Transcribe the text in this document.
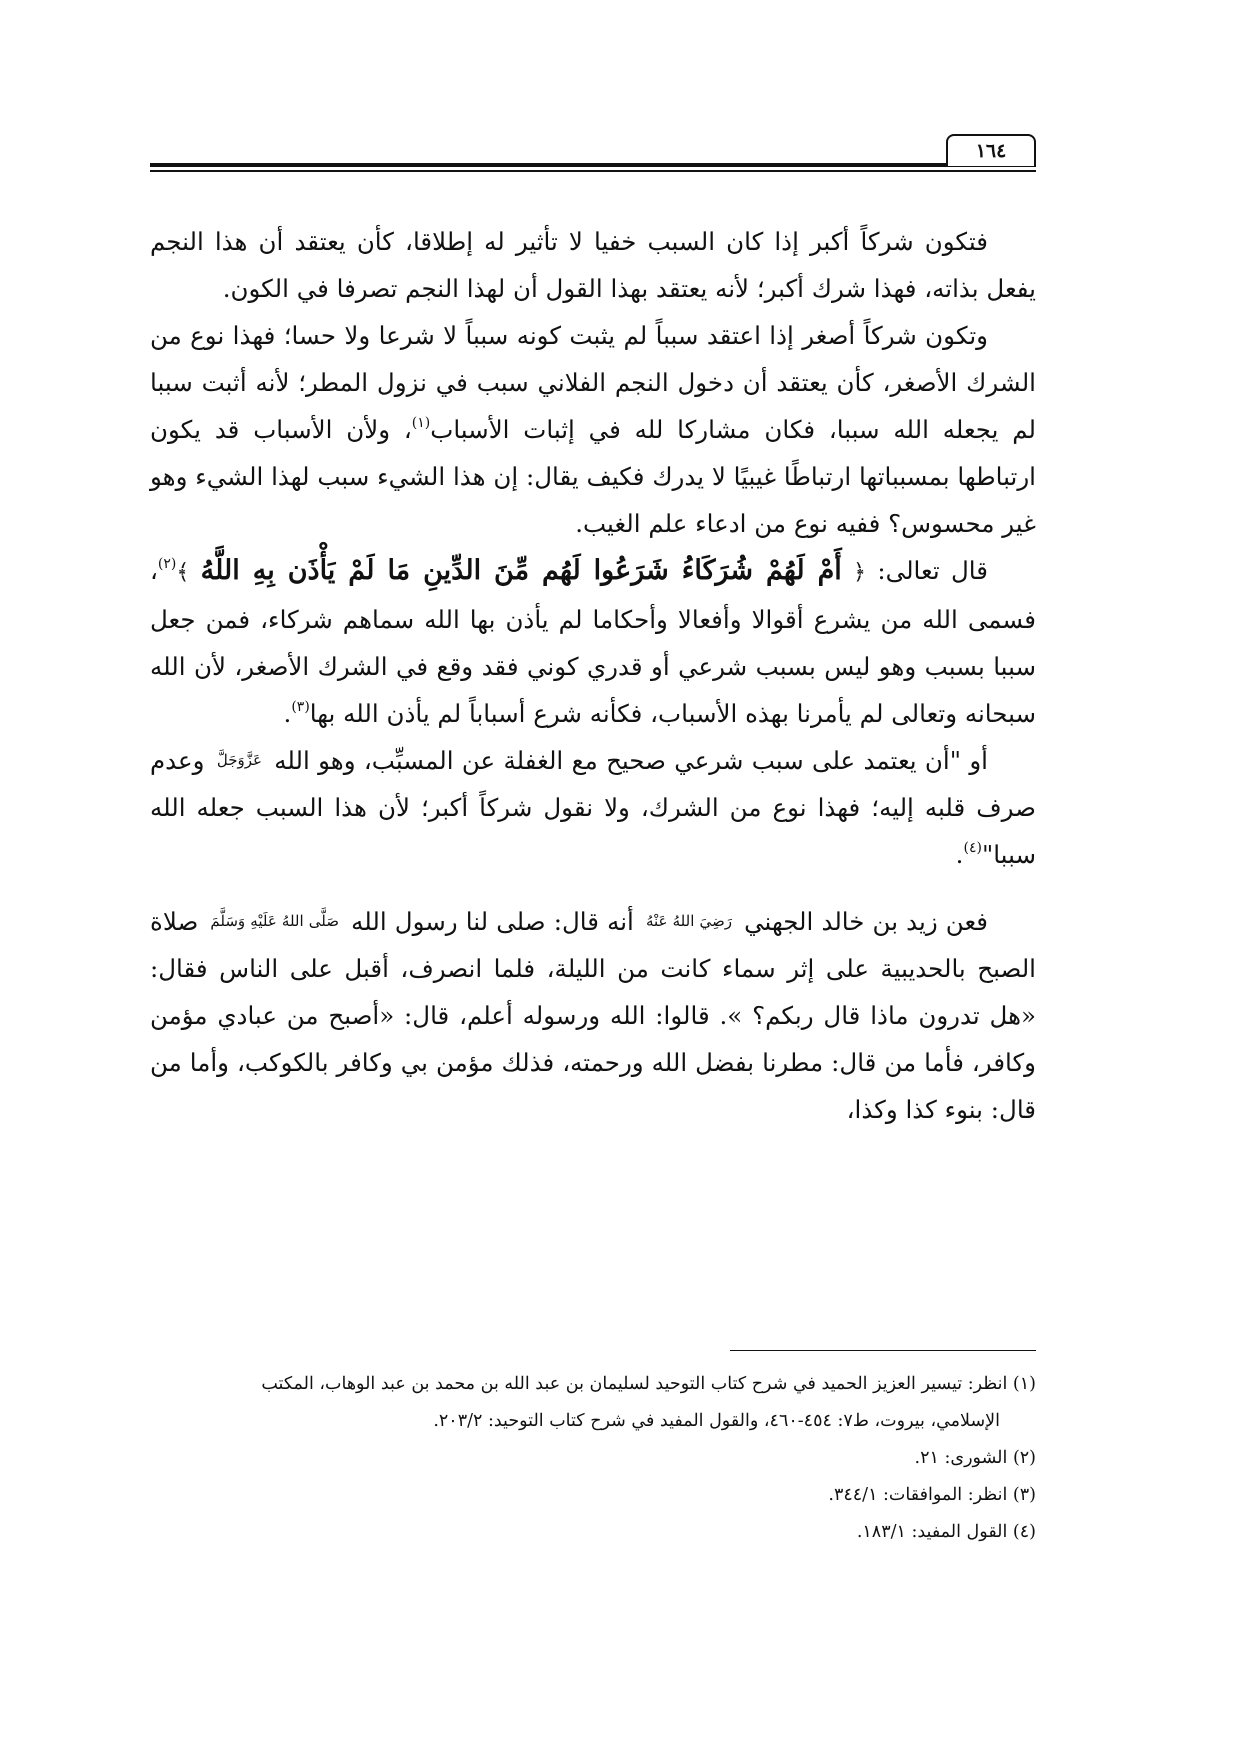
١٦٤

فتكون شركاً أكبر إذا كان السبب خفيا لا تأثير له إطلاقا، كأن يعتقد أن هذا النجم يفعل بذاته، فهذا شرك أكبر؛ لأنه يعتقد بهذا القول أن لهذا النجم تصرفا في الكون.

وتكون شركاً أصغر إذا اعتقد سبباً لم يثبت كونه سبباً لا شرعا ولا حسا؛ فهذا نوع من الشرك الأصغر، كأن يعتقد أن دخول النجم الفلاني سبب في نزول المطر؛ لأنه أثبت سببا لم يجعله الله سببا، فكان مشاركا لله في إثبات الأسباب$^{(١)}$، ولأن الأسباب قد يكون ارتباطها بمسبباتها ارتباطًا غيبيًا لا يدرك فكيف يقال: إن هذا الشيء سبب لهذا الشيء وهو غير محسوس؟ ففيه نوع من ادعاء علم الغيب.

قال تعالى: ﴿ أَمْ لَهُمْ شُرَكَاءُ شَرَعُوا لَهُم مِّنَ الدِّينِ مَا لَمْ يَأْذَن بِهِ اللَّهُ ﴾$^{(٢)}$، فسمى الله من يشرع أقوالا وأفعالا وأحكاما لم يأذن بها الله سماهم شركاء، فمن جعل سببا بسبب وهو ليس بسبب شرعي أو قدري كوني فقد وقع في الشرك الأصغر، لأن الله سبحانه وتعالى لم يأمرنا بهذه الأسباب، فكأنه شرع أسباباً لم يأذن الله بها$^{(٣)}$.

أو "أن يعتمد على سبب شرعي صحيح مع الغفلة عن المسبِّب، وهو الله عَزَّوَجَلَّ وعدم صرف قلبه إليه؛ فهذا نوع من الشرك، ولا نقول شركاً أكبر؛ لأن هذا السبب جعله الله سببا"$^{(٤)}$.

فعن زيد بن خالد الجهني رَضِيَ اللهُ عَنْهُ أنه قال: صلى لنا رسول الله صَلَّى اللهُ عَلَيْهِ وَسَلَّمَ صلاة الصبح بالحديبية على إثر سماء كانت من الليلة، فلما انصرف، أقبل على الناس فقال: «هل تدرون ماذا قال ربكم؟ ». قالوا: الله ورسوله أعلم، قال: «أصبح من عبادي مؤمن وكافر، فأما من قال: مطرنا بفضل الله ورحمته، فذلك مؤمن بي وكافر بالكوكب، وأما من قال: بنوء كذا وكذا،

(١) انظر: تيسير العزيز الحميد في شرح كتاب التوحيد لسليمان بن عبد الله بن محمد بن عبد الوهاب، المكتب

الإسلامي، بيروت، ط٧: ٤٥٤-٤٦٠، والقول المفيد في شرح كتاب التوحيد: ٢٠٣/٢.

(٢) الشورى: ٢١.

(٣) انظر: الموافقات: ٣٤٤/١.

(٤) القول المفيد: ١٨٣/١.
